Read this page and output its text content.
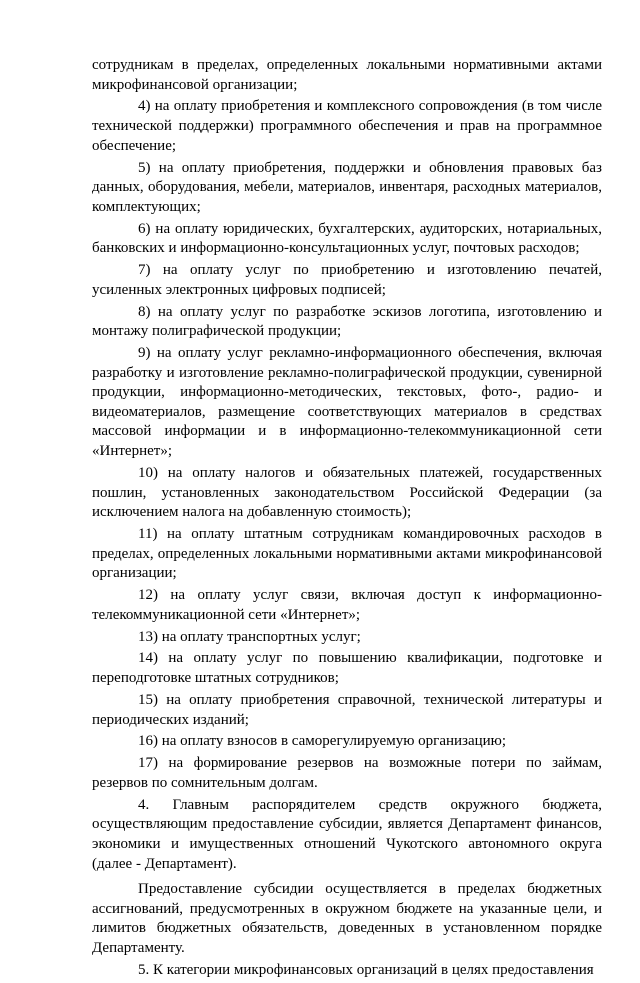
сотрудникам в пределах, определенных локальными нормативными актами микрофинансовой организации;

4) на оплату приобретения и комплексного сопровождения (в том числе технической поддержки) программного обеспечения и прав на программное обеспечение;

5) на оплату приобретения, поддержки и обновления правовых баз данных, оборудования, мебели, материалов, инвентаря, расходных материалов, комплектующих;

6) на оплату юридических, бухгалтерских, аудиторских, нотариальных, банковских и информационно-консультационных услуг, почтовых расходов;

7) на оплату услуг по приобретению и изготовлению печатей, усиленных электронных цифровых подписей;

8) на оплату услуг по разработке эскизов логотипа, изготовлению и монтажу полиграфической продукции;

9) на оплату услуг рекламно-информационного обеспечения, включая разработку и изготовление рекламно-полиграфической продукции, сувенирной продукции, информационно-методических, текстовых, фото-, радио- и видеоматериалов, размещение соответствующих материалов в средствах массовой информации и в информационно-телекоммуникационной сети «Интернет»;

10) на оплату налогов и обязательных платежей, государственных пошлин, установленных законодательством Российской Федерации (за исключением налога на добавленную стоимость);

11) на оплату штатным сотрудникам командировочных расходов в пределах, определенных локальными нормативными актами микрофинансовой организации;

12) на оплату услуг связи, включая доступ к информационно-телекоммуникационной сети «Интернет»;

13) на оплату транспортных услуг;

14) на оплату услуг по повышению квалификации, подготовке и переподготовке штатных сотрудников;

15) на оплату приобретения справочной, технической литературы и периодических изданий;

16) на оплату взносов в саморегулируемую организацию;

17) на формирование резервов на возможные потери по займам, резервов по сомнительным долгам.

4. Главным распорядителем средств окружного бюджета, осуществляющим предоставление субсидии, является Департамент финансов, экономики и имущественных отношений Чукотского автономного округа (далее - Департамент).

Предоставление субсидии осуществляется в пределах бюджетных ассигнований, предусмотренных в окружном бюджете на указанные цели, и лимитов бюджетных обязательств, доведенных в установленном порядке Департаменту.

5. К категории микрофинансовых организаций в целях предоставления
